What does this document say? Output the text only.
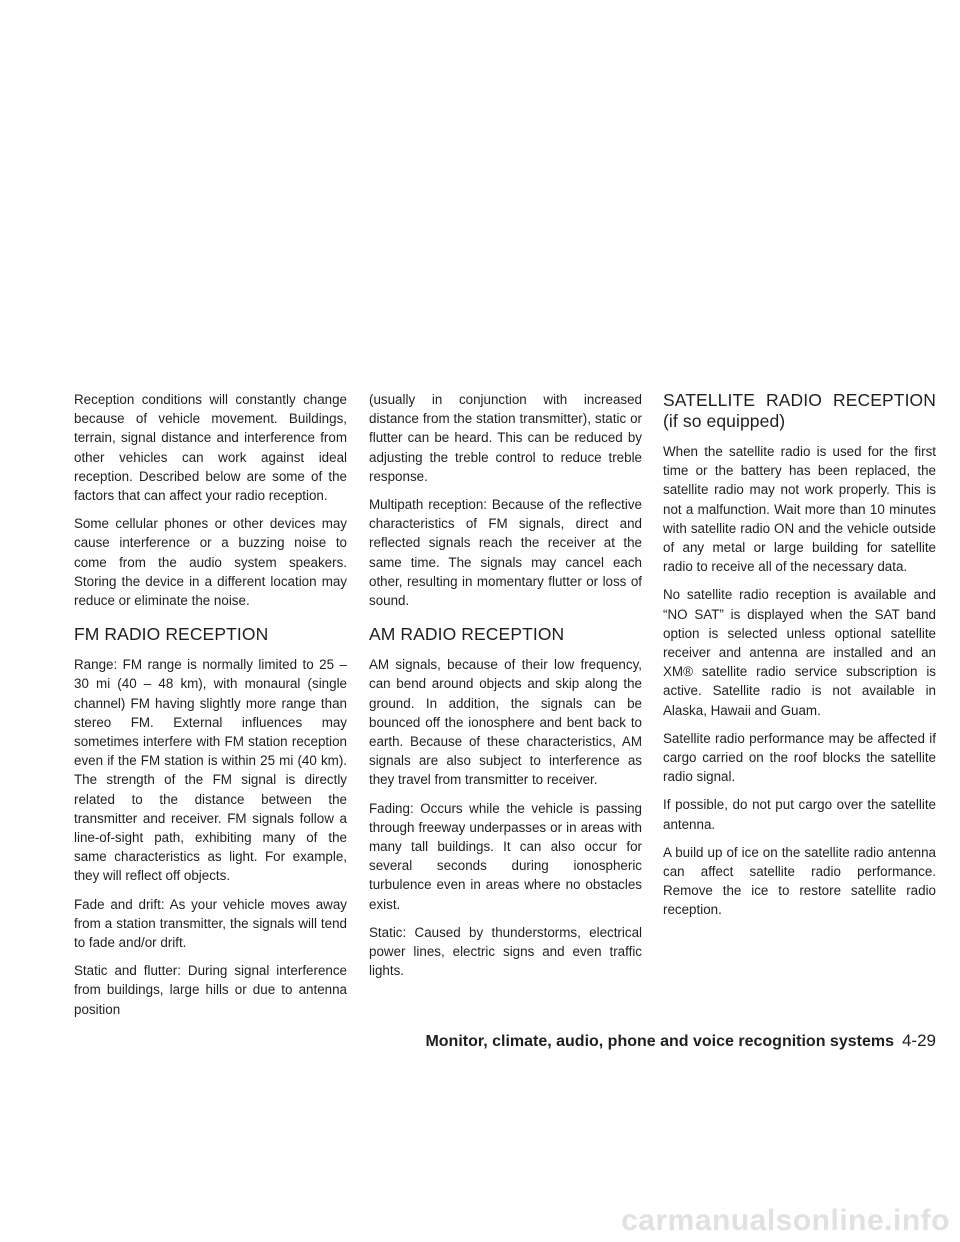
Reception conditions will constantly change because of vehicle movement. Buildings, terrain, signal distance and interference from other vehicles can work against ideal reception. Described below are some of the factors that can affect your radio reception.

Some cellular phones or other devices may cause interference or a buzzing noise to come from the audio system speakers. Storing the device in a different location may reduce or eliminate the noise.

FM RADIO RECEPTION

Range: FM range is normally limited to 25 – 30 mi (40 – 48 km), with monaural (single channel) FM having slightly more range than stereo FM. External influences may sometimes interfere with FM station reception even if the FM station is within 25 mi (40 km). The strength of the FM signal is directly related to the distance between the transmitter and receiver. FM signals follow a line-of-sight path, exhibiting many of the same characteristics as light. For example, they will reflect off objects.

Fade and drift: As your vehicle moves away from a station transmitter, the signals will tend to fade and/or drift.

Static and flutter: During signal interference from buildings, large hills or due to antenna position

(usually in conjunction with increased distance from the station transmitter), static or flutter can be heard. This can be reduced by adjusting the treble control to reduce treble response.

Multipath reception: Because of the reflective characteristics of FM signals, direct and reflected signals reach the receiver at the same time. The signals may cancel each other, resulting in momentary flutter or loss of sound.

AM RADIO RECEPTION

AM signals, because of their low frequency, can bend around objects and skip along the ground. In addition, the signals can be bounced off the ionosphere and bent back to earth. Because of these characteristics, AM signals are also subject to interference as they travel from transmitter to receiver.

Fading: Occurs while the vehicle is passing through freeway underpasses or in areas with many tall buildings. It can also occur for several seconds during ionospheric turbulence even in areas where no obstacles exist.

Static: Caused by thunderstorms, electrical power lines, electric signs and even traffic lights.

SATELLITE RADIO RECEPTION (if so equipped)

When the satellite radio is used for the first time or the battery has been replaced, the satellite radio may not work properly. This is not a malfunction. Wait more than 10 minutes with satellite radio ON and the vehicle outside of any metal or large building for satellite radio to receive all of the necessary data.

No satellite radio reception is available and “NO SAT” is displayed when the SAT band option is selected unless optional satellite receiver and antenna are installed and an XM® satellite radio service subscription is active. Satellite radio is not available in Alaska, Hawaii and Guam.

Satellite radio performance may be affected if cargo carried on the roof blocks the satellite radio signal.

If possible, do not put cargo over the satellite antenna.

A build up of ice on the satellite radio antenna can affect satellite radio performance. Remove the ice to restore satellite radio reception.

Monitor, climate, audio, phone and voice recognition systems 4-29
carmanualsonline.info
